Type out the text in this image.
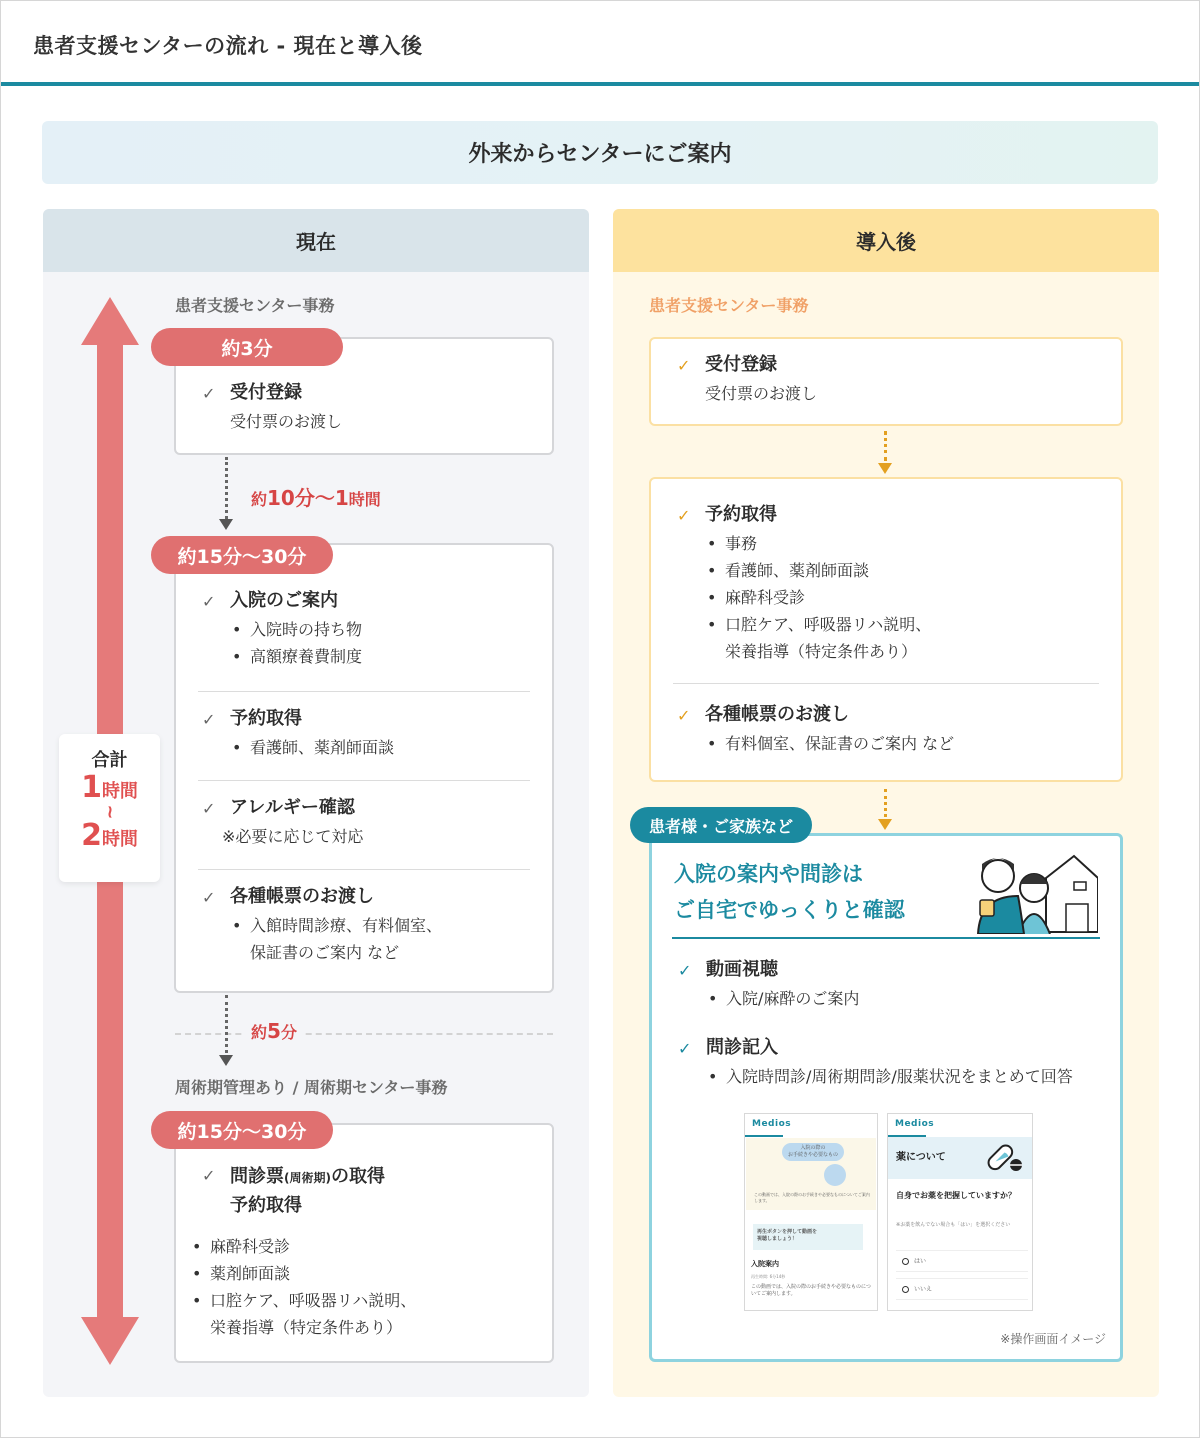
患者支援センターの流れ - 現在と導入後
外来からセンターにご案内
現在
合計
1時間
~
2時間
患者支援センター事務
✓ 受付登録
受付票のお渡し
約3分
約10分〜1時間
✓ 入院のご案内
• 入院時の持ち物
• 高額療養費制度
✓ 予約取得
• 看護師、薬剤師面談
✓ アレルギー確認
※必要に応じて対応
✓ 各種帳票のお渡し
• 入館時間診療、有料個室、
保証書のご案内 など
約15分〜30分
約5分
周術期管理あり / 周術期センター事務
✓ 問診票(周術期)の取得
予約取得
• 麻酔科受診
• 薬剤師面談
• 口腔ケア、呼吸器リハ説明、
栄養指導（特定条件あり）
約15分〜30分
導入後
患者支援センター事務
✓ 受付登録
受付票のお渡し
✓ 予約取得
• 事務
• 看護師、薬剤師面談
• 麻酔科受診
• 口腔ケア、呼吸器リハ説明、
栄養指導（特定条件あり）
✓ 各種帳票のお渡し
• 有料個室、保証書のご案内 など
患者様・ご家族など
入院の案内や問診は
ご自宅でゆっくりと確認
✓ 動画視聴
• 入院/麻酔のご案内
✓ 問診記入
• 入院時問診/周術期問診/服薬状況をまとめて回答
Medios
入院の際の
お手続きや必要なもの
この動画では、入院の際のお手続きや必要なものについてご案内します。
再生ボタンを押して動画を
視聴しましょう！
入院案内
再生時間: 6分14秒
この動画では、入院の際のお手続きや必要なものについてご案内します。
Medios
薬について
自身でお薬を把握していますか？
※お薬を飲んでない場合も「はい」を選択ください
はい
いいえ
※操作画面イメージ
